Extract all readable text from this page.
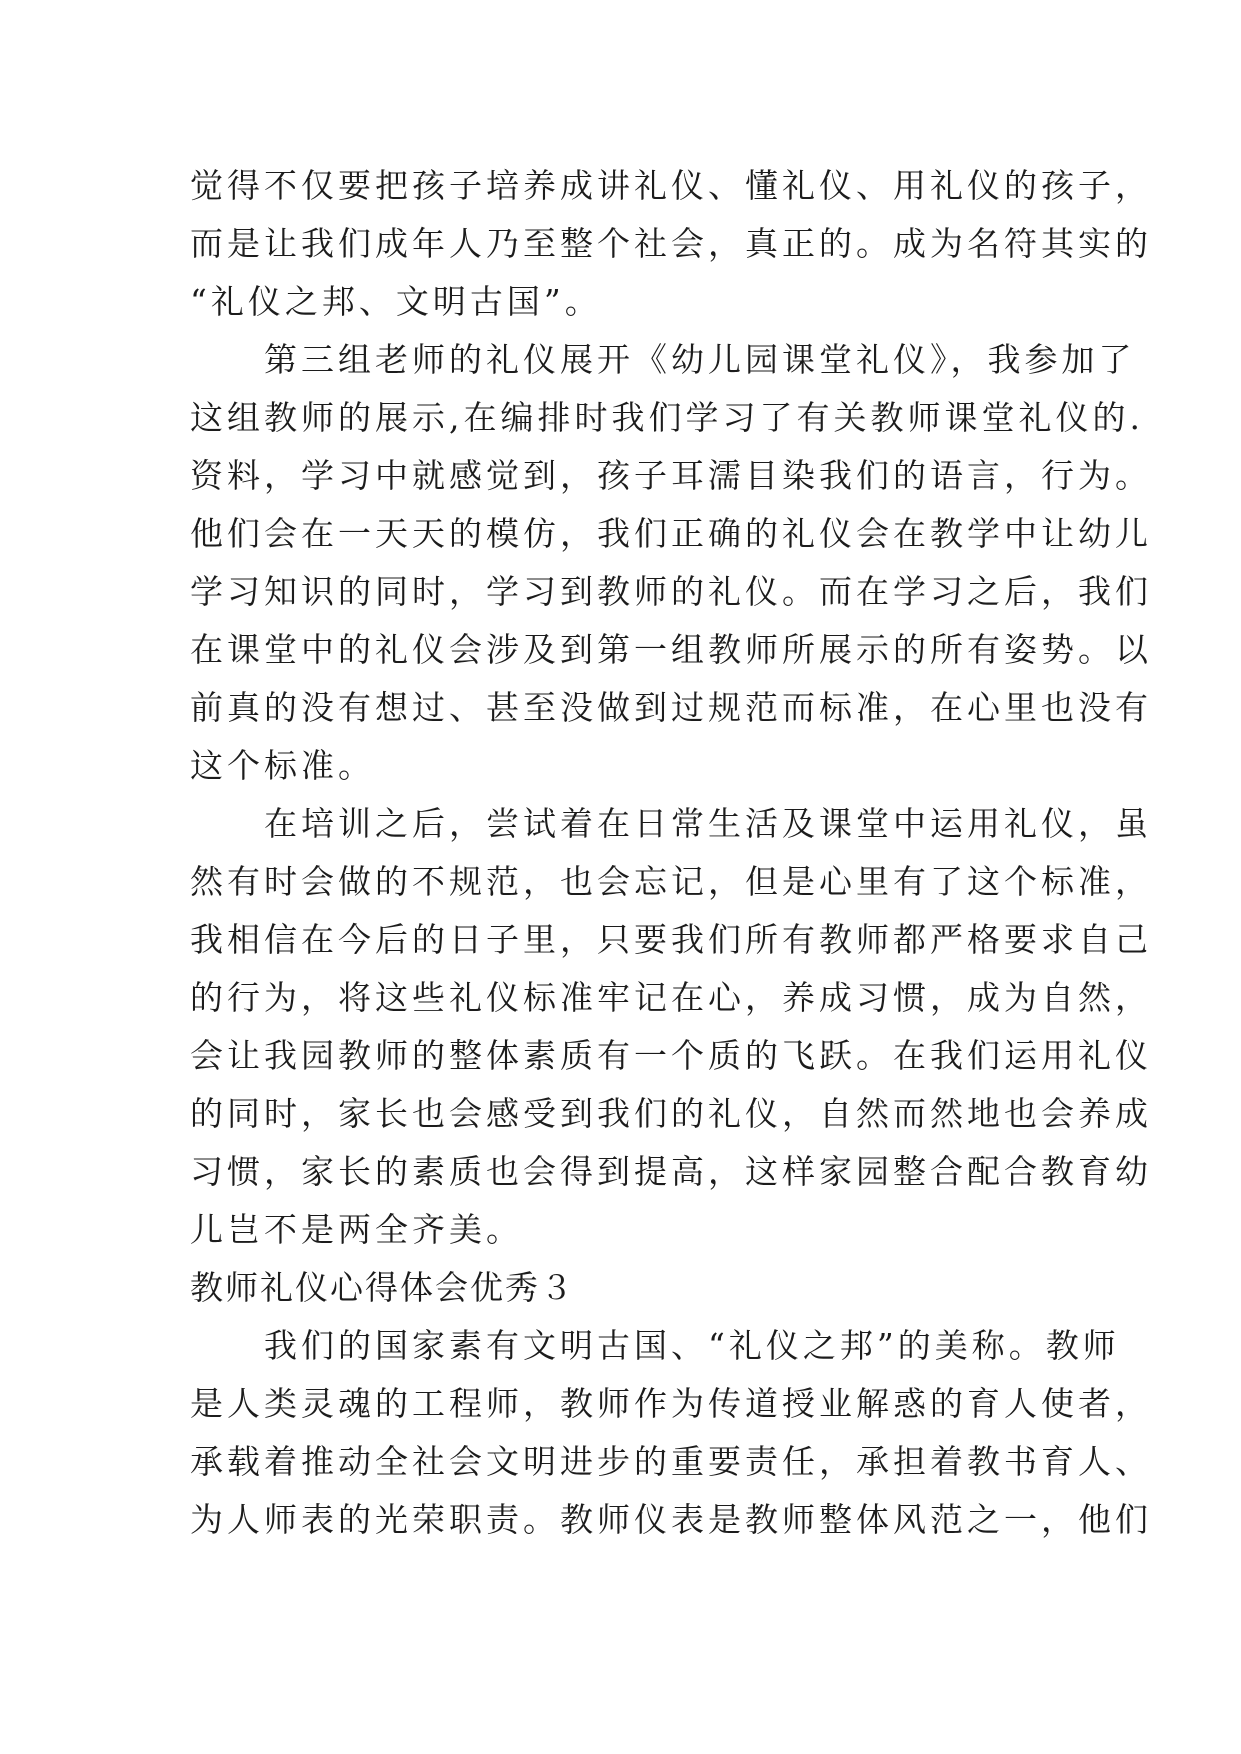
觉得不仅要把孩子培养成讲礼仪、懂礼仪、用礼仪的孩子，
而是让我们成年人乃至整个社会，真正的。成为名符其实的
“礼仪之邦、文明古国”。
　　第三组老师的礼仪展开《幼儿园课堂礼仪》，我参加了
这组教师的展示,在编排时我们学习了有关教师课堂礼仪的.
资料，学习中就感觉到，孩子耳濡目染我们的语言，行为。
他们会在一天天的模仿，我们正确的礼仪会在教学中让幼儿
学习知识的同时，学习到教师的礼仪。而在学习之后，我们
在课堂中的礼仪会涉及到第一组教师所展示的所有姿势。以
前真的没有想过、甚至没做到过规范而标准，在心里也没有
这个标准。
　　在培训之后，尝试着在日常生活及课堂中运用礼仪，虽
然有时会做的不规范，也会忘记，但是心里有了这个标准，
我相信在今后的日子里，只要我们所有教师都严格要求自己
的行为，将这些礼仪标准牢记在心，养成习惯，成为自然，
会让我园教师的整体素质有一个质的飞跃。在我们运用礼仪
的同时，家长也会感受到我们的礼仪，自然而然地也会养成
习惯，家长的素质也会得到提高，这样家园整合配合教育幼
儿岂不是两全齐美。
教师礼仪心得体会优秀３
　　我们的国家素有文明古国、“礼仪之邦”的美称。教师
是人类灵魂的工程师，教师作为传道授业解惑的育人使者，
承载着推动全社会文明进步的重要责任，承担着教书育人、
为人师表的光荣职责。教师仪表是教师整体风范之一，他们
